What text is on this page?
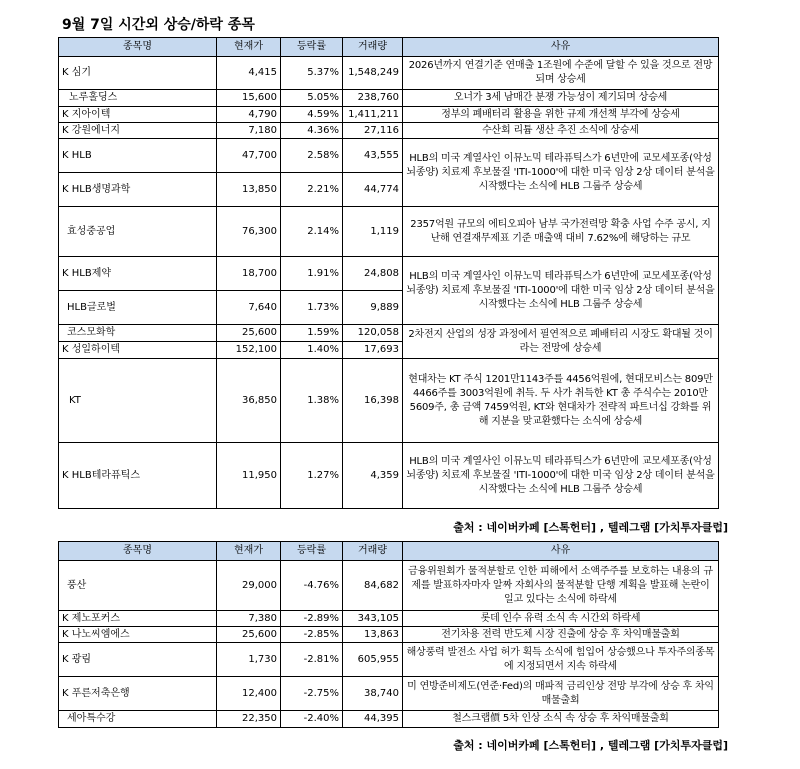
9월 7일 시간외 상승/하락 종목
종목명	현재가	등락률	거래량	사유
K 심기	4,415	5.37%	1,548,249	2026년까지 연결기준 연매출 1조원에 수준에 달할 수 있을 것으로 전망되며 상승세
노루홀딩스	15,600	5.05%	238,760	오너가 3세 남매간 분쟁 가능성이 제기되며 상승세
K 지아이텍	4,790	4.59%	1,411,211	정부의 폐배터리 활용을 위한 규제 개선책 부각에 상승세
K 강원에너지	7,180	4.36%	27,116	수산회 리튬 생산 추진 소식에 상승세
K HLB	47,700	2.58%	43,555	HLB의 미국 계열사인 이뮤노믹 테라퓨틱스가 6년만에 교모세포종(악성 뇌종양) 치료제 후보물질 'ITI-1000'에 대한 미국 임상 2상 데이터 분석을 시작했다는 소식에 HLB 그룹주 상승세
K HLB생명과학	13,850	2.21%	44,774	
효성중공업	76,300	2.14%	1,119	2357억원 규모의 에티오피아 남부 국가전력망 확충 사업 수주 공시, 지난해 연결재무제표 기준 매출액 대비 7.62%에 해당하는 규모
K HLB제약	18,700	1.91%	24,808	HLB의 미국 계열사인 이뮤노믹 테라퓨틱스가 6년만에 교모세포종(악성 뇌종양) 치료제 후보물질 'ITI-1000'에 대한 미국 임상 2상 데이터 분석을 시작했다는 소식에 HLB 그룹주 상승세
HLB글로벌	7,640	1.73%	9,889	
코스모화학	25,600	1.59%	120,058	2차전지 산업의 성장 과정에서 필연적으로 폐배터리 시장도 확대될 것이라는 전망에 상승세
K 성일하이텍	152,100	1.40%	17,693	
KT	36,850	1.38%	16,398	현대차는 KT 주식 1201만1143주를 4456억원에, 현대모비스는 809만4466주를 3003억원에 취득. 두 사가 취득한 KT 총 주식수는 2010만5609주, 총 금액 7459억원, KT와 현대차가 전략적 파트너십 강화를 위해 지분을 맞교환했다는 소식에 상승세
K HLB테라퓨틱스	11,950	1.27%	4,359	HLB의 미국 계열사인 이뮤노믹 테라퓨틱스가 6년만에 교모세포종(악성 뇌종양) 치료제 후보물질 'ITI-1000'에 대한 미국 임상 2상 데이터 분석을 시작했다는 소식에 HLB 그룹주 상승세
출처 : 네이버카페 [스톡헌터] , 텔레그램 [가치투자클럽]
종목명	현재가	등락률	거래량	사유
풍산	29,000	-4.76%	84,682	금융위원회가 물적분할로 인한 피해에서 소액주주를 보호하는 내용의 규제를 발표하자마자 알짜 자회사의 물적분할 단행 계획을 발표해 논란이 일고 있다는 소식에 하락세
K 제노포커스	7,380	-2.89%	343,105	롯데 인수 유력 소식 속 시간외 하락세
K 나노씨엠에스	25,600	-2.85%	13,863	전기차용 전력 반도체 시장 진출에 상승 후 차익매물출회
K 광림	1,730	-2.81%	605,955	해상풍력 발전소 사업 허가 획득 소식에 힘입어 상승했으나 투자주의종목에 지정되면서 지속 하락세
K 푸른저축은행	12,400	-2.75%	38,740	미 연방준비제도(연준·Fed)의 매파적 금리인상 전망 부각에 상승 후 차익매물출회
세아특수강	22,350	-2.40%	44,395	철스크랩價 5차 인상 소식 속 상승 후 차익매물출회
출처 : 네이버카페 [스톡헌터] , 텔레그램 [가치투자클럽]
